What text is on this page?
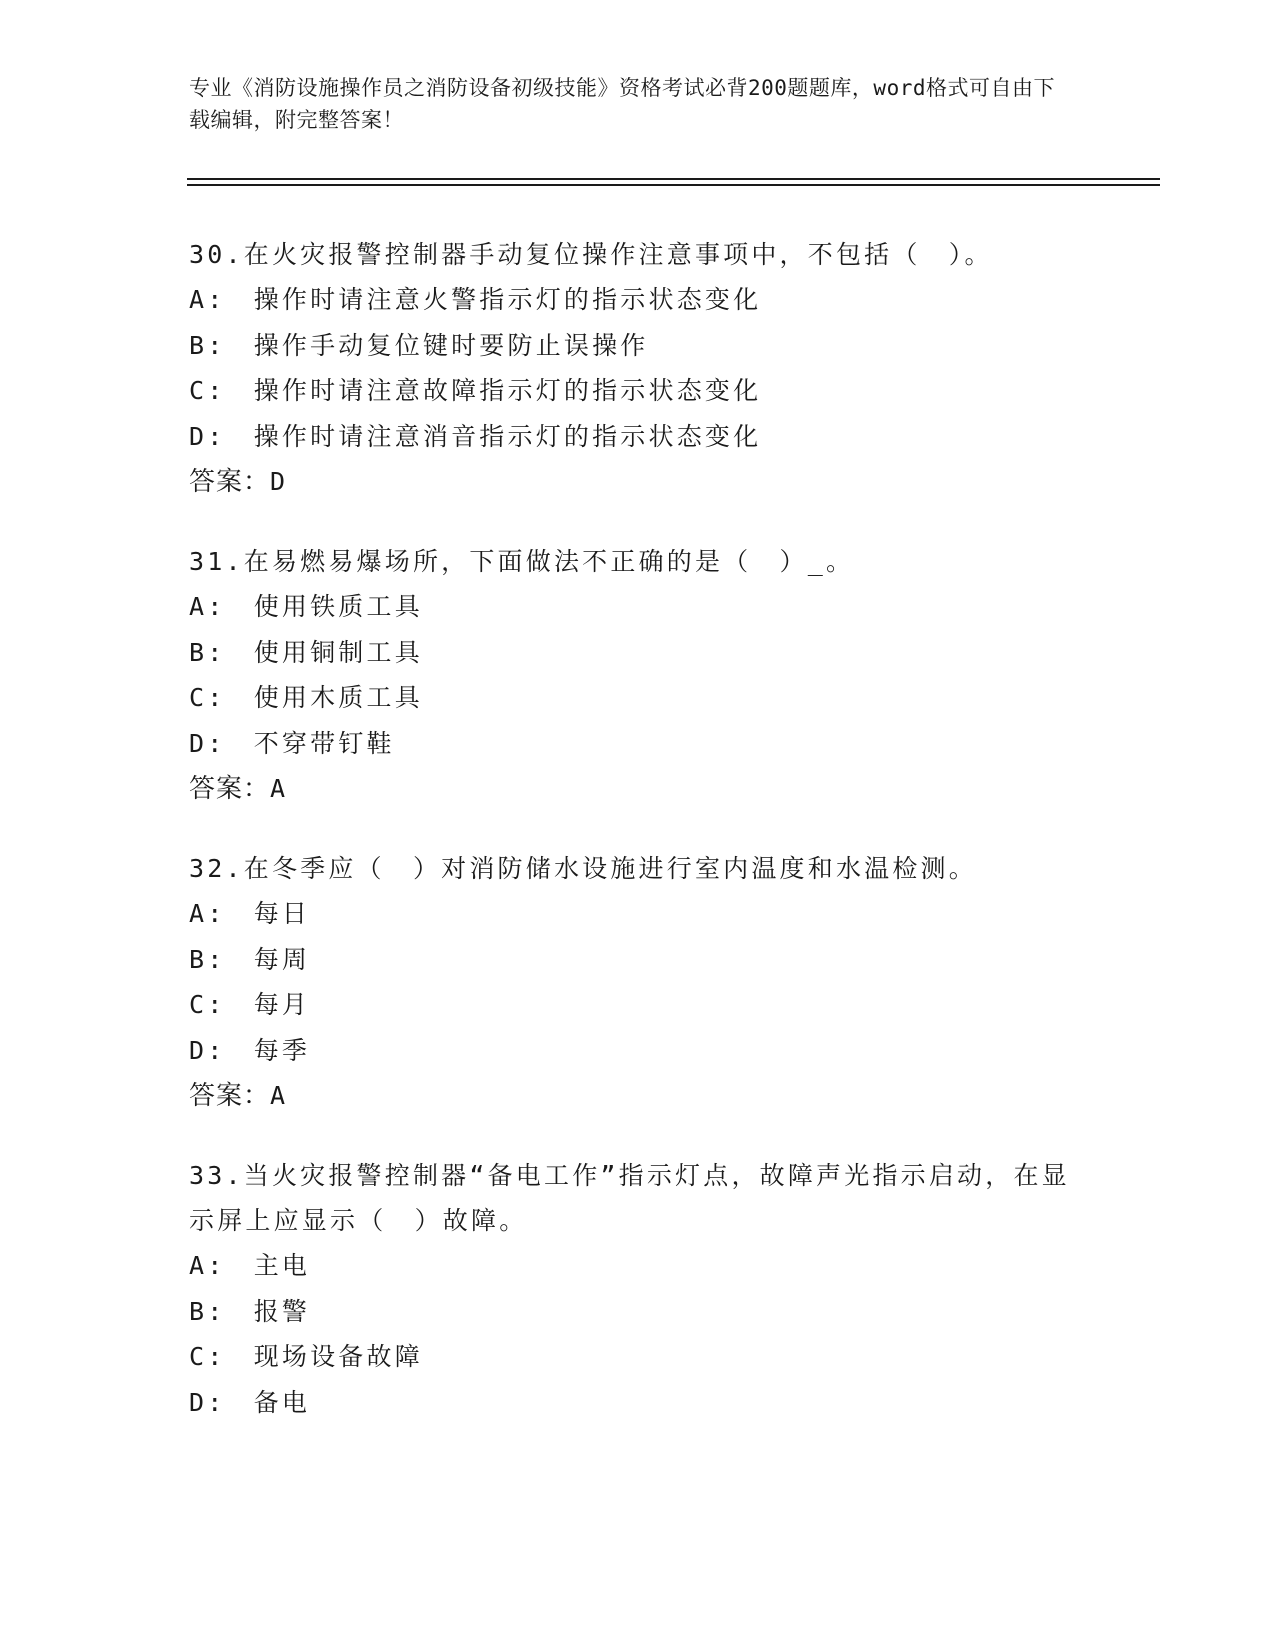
专业《消防设施操作员之消防设备初级技能》资格考试必背200题题库，word格式可自由下载编辑，附完整答案！
30.在火灾报警控制器手动复位操作注意事项中，不包括（　）。
A:　操作时请注意火警指示灯的指示状态变化
B:　操作手动复位键时要防止误操作
C:　操作时请注意故障指示灯的指示状态变化
D:　操作时请注意消音指示灯的指示状态变化
答案：D
31.在易燃易爆场所，下面做法不正确的是（　）_。
A:　使用铁质工具
B:　使用铜制工具
C:　使用木质工具
D:　不穿带钉鞋
答案：A
32.在冬季应（　）对消防储水设施进行室内温度和水温检测。
A:　每日
B:　每周
C:　每月
D:　每季
答案：A
33.当火灾报警控制器“备电工作”指示灯点，故障声光指示启动，在显示屏上应显示（　）故障。
A:　主电
B:　报警
C:　现场设备故障
D:　备电
